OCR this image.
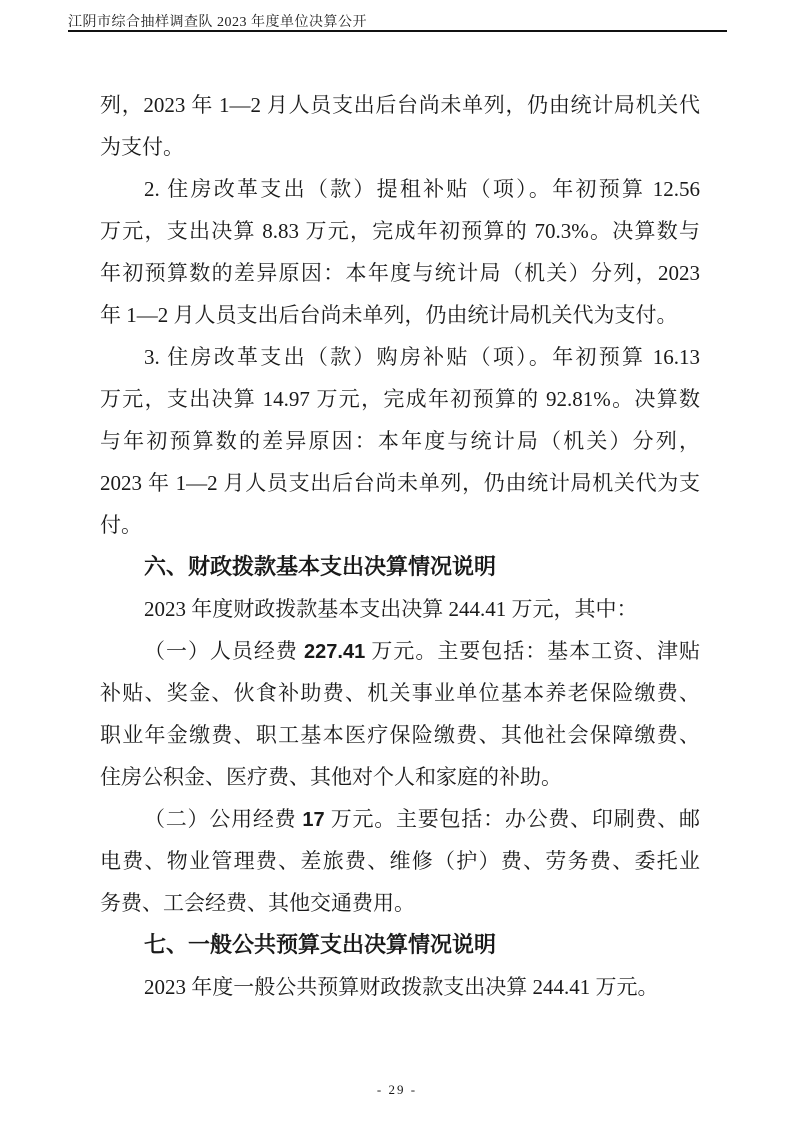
江阴市综合抽样调查队 2023 年度单位决算公开
列，2023 年 1—2 月人员支出后台尚未单列，仍由统计局机关代
为支付。
2. 住房改革支出（款）提租补贴（项）。年初预算 12.56
万元，支出决算 8.83 万元，完成年初预算的 70.3%。决算数与
年初预算数的差异原因：本年度与统计局（机关）分列，2023
年 1—2 月人员支出后台尚未单列，仍由统计局机关代为支付。
3. 住房改革支出（款）购房补贴（项）。年初预算 16.13
万元，支出决算 14.97 万元，完成年初预算的 92.81%。决算数
与年初预算数的差异原因：本年度与统计局（机关）分列，
2023 年 1—2 月人员支出后台尚未单列，仍由统计局机关代为支
付。
六、财政拨款基本支出决算情况说明
2023 年度财政拨款基本支出决算 244.41 万元，其中：
（一）人员经费 227.41 万元。主要包括：基本工资、津贴
补贴、奖金、伙食补助费、机关事业单位基本养老保险缴费、
职业年金缴费、职工基本医疗保险缴费、其他社会保障缴费、
住房公积金、医疗费、其他对个人和家庭的补助。
（二）公用经费 17 万元。主要包括：办公费、印刷费、邮
电费、物业管理费、差旅费、维修（护）费、劳务费、委托业
务费、工会经费、其他交通费用。
七、一般公共预算支出决算情况说明
2023 年度一般公共预算财政拨款支出决算 244.41 万元。
- 29 -
